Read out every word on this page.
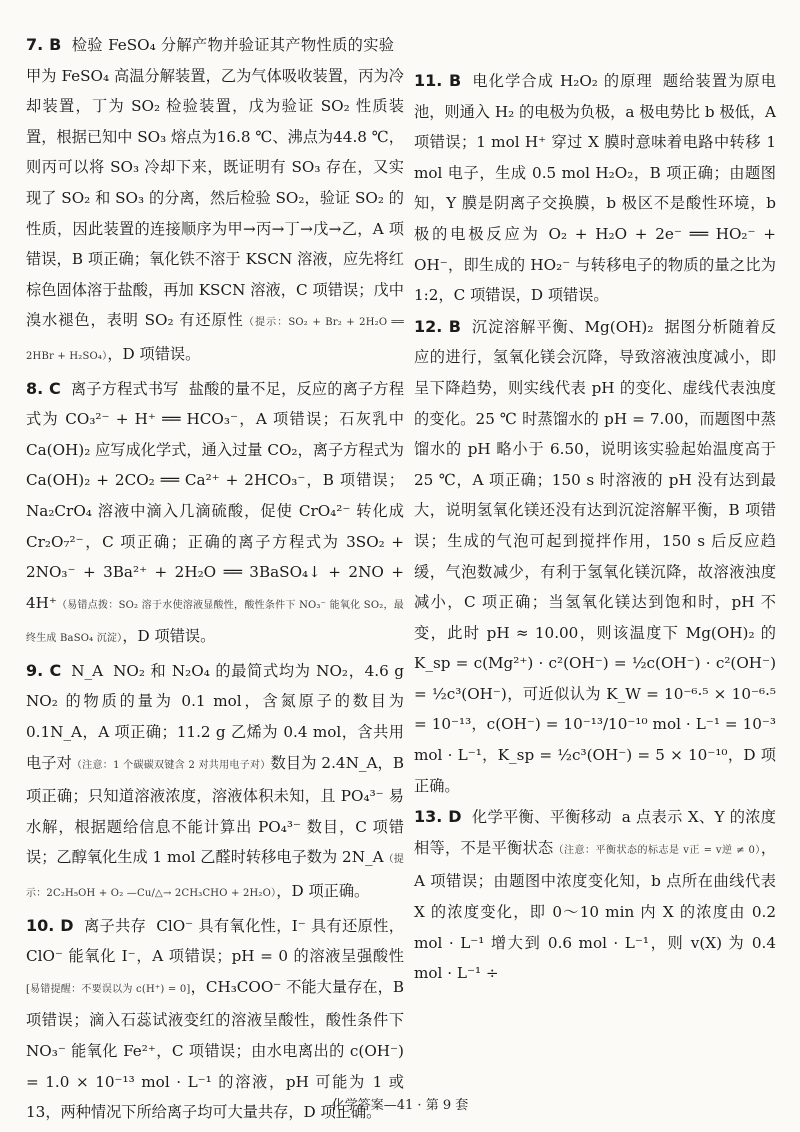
7. B 检验 FeSO₄ 分解产物并验证其产物性质的实验甲为 FeSO₄ 高温分解装置，乙为气体吸收装置，丙为冷却装置，丁为 SO₂ 检验装置，戊为验证 SO₂ 性质装置，根据已知中 SO₃ 熔点为16.8 ℃、沸点为44.8 ℃，则丙可以将 SO₃ 冷却下来，既证明有 SO₃ 存在，又实现了 SO₂ 和 SO₃ 的分离，然后检验 SO₂，验证 SO₂ 的性质，因此装置的连接顺序为甲→丙→丁→戊→乙，A 项错误，B 项正确；氧化铁不溶于 KSCN 溶液，应先将红棕色固体溶于盐酸，再加 KSCN 溶液，C 项错误；戊中溴水褪色，表明 SO₂ 有还原性（提示：SO₂ + Br₂ + 2H₂O ══ 2HBr + H₂SO₄），D 项错误。
8. C 离子方程式书写 盐酸的量不足，反应的离子方程式为 CO₃²⁻ + H⁺ ══ HCO₃⁻，A 项错误；石灰乳中 Ca(OH)₂ 应写成化学式，通入过量 CO₂，离子方程式为 Ca(OH)₂ + 2CO₂ ══ Ca²⁺ + 2HCO₃⁻，B 项错误；Na₂CrO₄ 溶液中滴入几滴硫酸，促使 CrO₄²⁻ 转化成 Cr₂O₇²⁻，C 项正确；正确的离子方程式为 3SO₂ + 2NO₃⁻ + 3Ba²⁺ + 2H₂O ══ 3BaSO₄↓ + 2NO + 4H⁺（易错点拨：SO₂ 溶于水使溶液显酸性，酸性条件下 NO₃⁻ 能氧化 SO₂，最终生成 BaSO₄ 沉淀），D 项错误。
9. C N_A NO₂ 和 N₂O₄ 的最简式均为 NO₂，4.6 g NO₂ 的物质的量为 0.1 mol，含氮原子的数目为 0.1N_A，A 项正确；11.2 g 乙烯为 0.4 mol，含共用电子对（注意：1 个碳碳双键含 2 对共用电子对）数目为 2.4N_A，B 项正确；只知道溶液浓度，溶液体积未知，且 PO₄³⁻ 易水解，根据题给信息不能计算出 PO₄³⁻ 数目，C 项错误；乙醇氧化生成 1 mol 乙醛时转移电子数为 2N_A（提示：2C₂H₅OH + O₂ —Cu/△→ 2CH₃CHO + 2H₂O），D 项正确。
10. D 离子共存 ClO⁻ 具有氧化性，I⁻ 具有还原性，ClO⁻ 能氧化 I⁻，A 项错误；pH = 0 的溶液呈强酸性[易错提醒：不要误以为 c(H⁺) = 0]，CH₃COO⁻ 不能大量存在，B 项错误；滴入石蕊试液变红的溶液呈酸性，酸性条件下 NO₃⁻ 能氧化 Fe²⁺，C 项错误；由水电离出的 c(OH⁻) = 1.0 × 10⁻¹³ mol · L⁻¹ 的溶液，pH 可能为 1 或 13，两种情况下所给离子均可大量共存，D 项正确。
11. B 电化学合成 H₂O₂ 的原理 题给装置为原电池，则通入 H₂ 的电极为负极，a 极电势比 b 极低，A 项错误；1 mol H⁺ 穿过 X 膜时意味着电路中转移 1 mol 电子，生成 0.5 mol H₂O₂，B 项正确；由题图知，Y 膜是阴离子交换膜，b 极区不是酸性环境，b 极的电极反应为 O₂ + H₂O + 2e⁻ ══ HO₂⁻ + OH⁻，即生成的 HO₂⁻ 与转移电子的物质的量之比为 1:2，C 项错误，D 项错误。
12. B 沉淀溶解平衡、Mg(OH)₂ 据图分析随着反应的进行，氢氧化镁会沉降，导致溶液浊度减小，即呈下降趋势，则实线代表 pH 的变化、虚线代表浊度的变化。25 ℃ 时蒸馏水的 pH = 7.00，而题图中蒸馏水的 pH 略小于 6.50，说明该实验起始温度高于 25 ℃，A 项正确；150 s 时溶液的 pH 没有达到最大，说明氢氧化镁还没有达到沉淀溶解平衡，B 项错误；生成的气泡可起到搅拌作用，150 s 后反应趋缓，气泡数减少，有利于氢氧化镁沉降，故溶液浊度减小，C 项正确；当氢氧化镁达到饱和时，pH 不变，此时 pH ≈ 10.00，则该温度下 Mg(OH)₂ 的 K_sp = c(Mg²⁺) · c²(OH⁻) = ½c(OH⁻) · c²(OH⁻) = ½c³(OH⁻)，可近似认为 K_W = 10⁻⁶·⁵ × 10⁻⁶·⁵ = 10⁻¹³，c(OH⁻) = 10⁻¹³/10⁻¹⁰ mol · L⁻¹ = 10⁻³ mol · L⁻¹，K_sp = ½c³(OH⁻) = 5 × 10⁻¹⁰，D 项正确。
13. D 化学平衡、平衡移动 a 点表示 X、Y 的浓度相等，不是平衡状态（注意：平衡状态的标志是 v正 = v逆 ≠ 0），A 项错误；由题图中浓度变化知，b 点所在曲线代表 X 的浓度变化，即 0～10 min 内 X 的浓度由 0.2 mol · L⁻¹ 增大到 0.6 mol · L⁻¹，则 v(X) 为 0.4 mol · L⁻¹ ÷
化学答案—41 · 第 9 套
